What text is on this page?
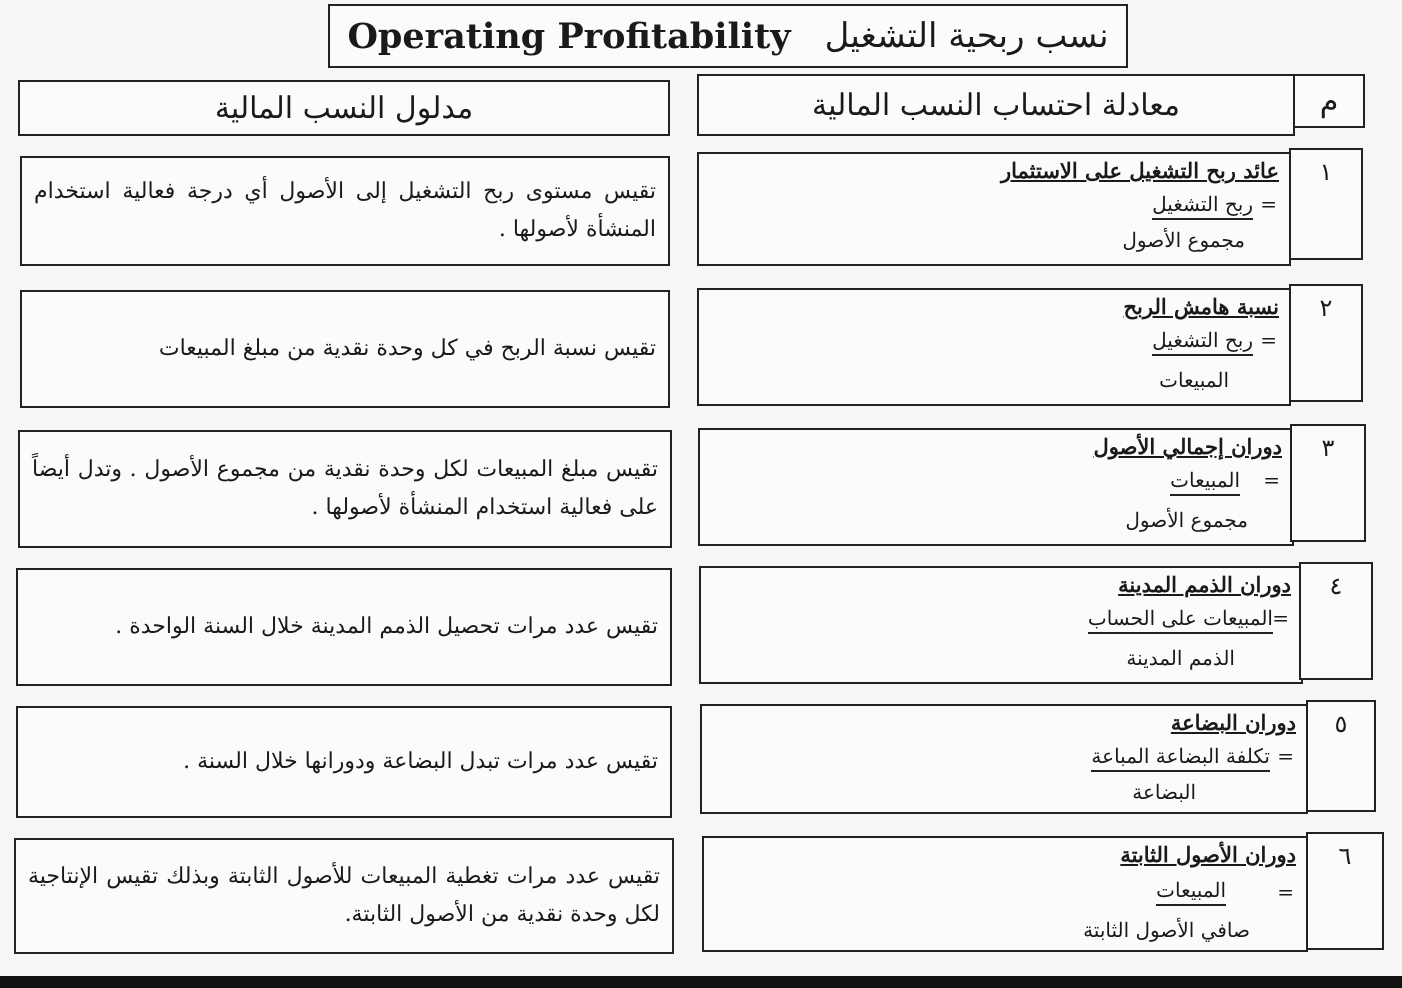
Operating Profitability نسب ربحية التشغيل
مدلول النسب المالية	معادلة احتساب النسب المالية	م
تقيس مستوى ربح التشغيل إلى الأصول أي درجة فعالية استخدام المنشأة لأصولها .
عائد ربح التشغيل على الاستثمار
=
ربح التشغيل
مجموع الأصول
١
تقيس نسبة الربح في كل وحدة نقدية من مبلغ المبيعات
نسبة هامش الربح
=
ربح التشغيل
المبيعات
٢
تقيس مبلغ المبيعات لكل وحدة نقدية من مجموع الأصول . وتدل أيضاً على فعالية استخدام المنشأة لأصولها .
دوران إجمالي الأصول
=
المبيعات
مجموع الأصول
٣
تقيس عدد مرات تحصيل الذمم المدينة خلال السنة الواحدة .
دوران الذمم المدينة
=
المبيعات على الحساب
الذمم المدينة
٤
تقيس عدد مرات تبدل البضاعة ودورانها خلال السنة .
دوران البضاعة
=
تكلفة البضاعة المباعة
البضاعة
٥
تقيس عدد مرات تغطية المبيعات للأصول الثابتة وبذلك تقيس الإنتاجية لكل وحدة نقدية من الأصول الثابتة.
دوران الأصول الثابتة
=
المبيعات
صافي الأصول الثابتة
٦
